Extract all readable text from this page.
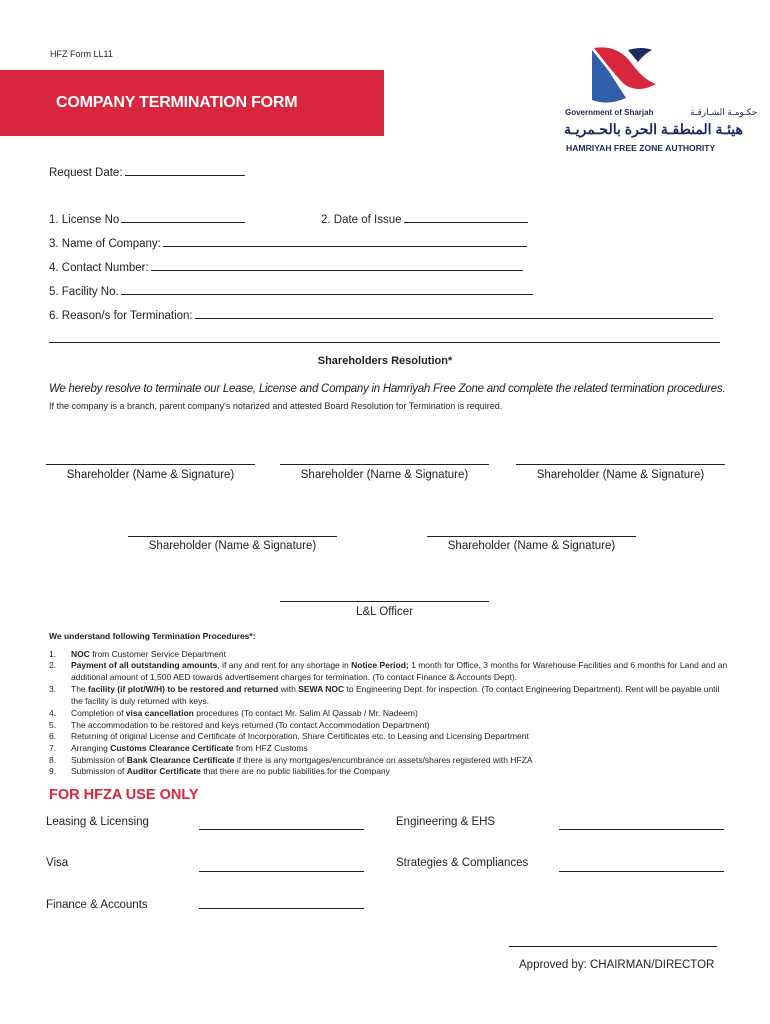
HFZ Form LL11
COMPANY TERMINATION FORM
Government of Sharjah	حكـومـة الشـارقـة
هيئـة المنطقـة الحرة بالحـمريـة
HAMRIYAH FREE ZONE AUTHORITY
Request Date:
1. License No	2. Date of Issue
3. Name of Company:
4. Contact Number:
5. Facility No.
6. Reason/s for Termination:
Shareholders Resolution*
We hereby resolve to terminate our Lease, License and Company in Hamriyah Free Zone and complete the related termination procedures.
If the company is a branch, parent company's notarized and attested Board Resolution for Termination is required.
Shareholder (Name & Signature)	Shareholder (Name & Signature)	Shareholder (Name & Signature)
Shareholder (Name & Signature)	Shareholder (Name & Signature)
L&L Officer
We understand following Termination Procedures*:
1. NOC from Customer Service Department
2. Payment of all outstanding amounts, if any and rent for any shortage in Notice Period; 1 month for Office, 3 months for Warehouse Facilities and 6 months for Land and an additional amount of 1,500 AED towards advertisement charges for termination. (To contact Finance & Accounts Dept).
3. The facility (if plot/W/H) to be restored and returned with SEWA NOC to Engineering Dept. for inspection. (To contact Engineering Department). Rent will be payable until the facility is duly returned with keys.
4. Completion of visa cancellation procedures (To contact Mr. Salim Al Qassab / Mr. Nadeem)
5. The accommodation to be restored and keys returned (To contact Accommodation Department)
6. Returning of original License and Certificate of Incorporation, Share Certificates etc. to Leasing and Licensing Department
7. Arranging Customs Clearance Certificate from HFZ Customs
8. Submission of Bank Clearance Certificate if there is any mortgages/encumbrance on assets/shares registered with HFZA
9. Submission of Auditor Certificate that there are no public liabilities for the Company
FOR HFZA USE ONLY
Leasing & Licensing	Engineering & EHS
Visa	Strategies & Compliances
Finance & Accounts
Approved by: CHAIRMAN/DIRECTOR
